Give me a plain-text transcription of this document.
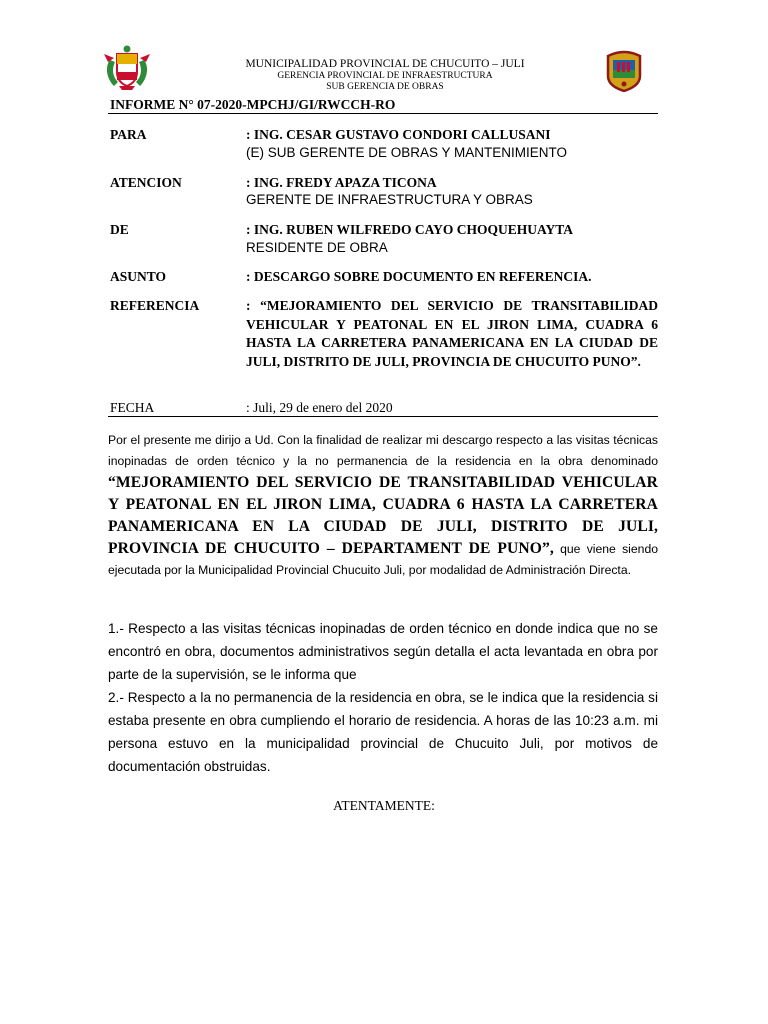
MUNICIPALIDAD PROVINCIAL DE CHUCUITO – JULI
GERENCIA PROVINCIAL DE INFRAESTRUCTURA
SUB GERENCIA DE OBRAS
INFORME N° 07-2020-MPCHJ/GI/RWCCH-RO
PARA	: ING. CESAR GUSTAVO CONDORI CALLUSANI
(E) SUB GERENTE DE OBRAS Y MANTENIMIENTO
ATENCION	: ING. FREDY APAZA TICONA
GERENTE DE INFRAESTRUCTURA Y OBRAS
DE	: ING. RUBEN WILFREDO CAYO CHOQUEHUAYTA
RESIDENTE DE OBRA
ASUNTO	: DESCARGO SOBRE DOCUMENTO EN REFERENCIA.
REFERENCIA	: “MEJORAMIENTO DEL SERVICIO DE TRANSITABILIDAD VEHICULAR Y PEATONAL EN EL JIRON LIMA, CUADRA 6 HASTA LA CARRETERA PANAMERICANA EN LA CIUDAD DE JULI, DISTRITO DE JULI, PROVINCIA DE CHUCUITO PUNO”.
FECHA	: Juli, 29 de enero del 2020
Por el presente me dirijo a Ud. Con la finalidad de realizar mi descargo respecto a las visitas técnicas inopinadas de orden técnico y la no permanencia de la residencia en la obra denominado “MEJORAMIENTO DEL SERVICIO DE TRANSITABILIDAD VEHICULAR Y PEATONAL EN EL JIRON LIMA, CUADRA 6 HASTA LA CARRETERA PANAMERICANA EN LA CIUDAD DE JULI, DISTRITO DE JULI, PROVINCIA DE CHUCUITO – DEPARTAMENT DE PUNO”, que viene siendo ejecutada por la Municipalidad Provincial Chucuito Juli, por modalidad de Administración Directa.
1.- Respecto a las visitas técnicas inopinadas de orden técnico en donde indica que no se encontró en obra, documentos administrativos según detalla el acta levantada en obra por parte de la supervisión, se le informa que
2.- Respecto a la no permanencia de la residencia en obra, se le indica que la residencia si estaba presente en obra cumpliendo el horario de residencia. A horas de las 10:23 a.m. mi persona estuvo en la municipalidad provincial de Chucuito Juli, por motivos de documentación obstruidas.
ATENTAMENTE:
